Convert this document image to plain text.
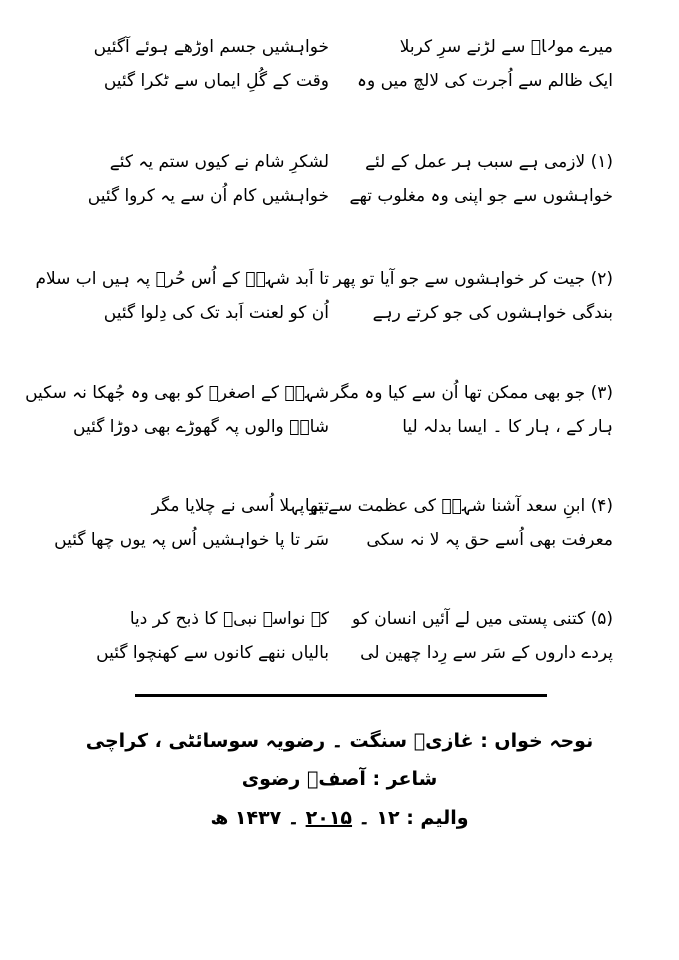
میرے مولاؑ سے لڑنے سرِ کربلا
خواہشیں جسم اوڑھے ہوئے آگئیں
ایک ظالم سے اُجرت کی لالچ میں وہ
وقت کے گُلِ ایماں سے ٹکرا گئیں
(۱) لازمی ہے سبب ہر عمل کے لئے
لشکرِ شام نے کیوں ستم یہ کئے
خواہشوں سے جو اپنی وہ مغلوب تھے
خواہشیں کام اُن سے یہ کروا گئیں
(۲) جیت کر خواہشوں سے جو آیا تو پھر
تا اَبد شہہؑ کے اُس حُرؑ پہ ہیں اب سلام
بندگی خواہشوں کی جو کرتے رہے
اُن کو لعنت اَبد تک کی دِلوا گئیں
(۳) جو بھی ممکن تھا اُن سے کیا وہ مگر
شہہؑ کے اصغرؑ کو بھی وہ جُھکا نہ سکیں
ہار کے ، ہار کا ۔ ایسا بدلہ لیا
شاہؑ والوں پہ گھوڑے بھی دوڑا گئیں
(۴) ابنِ سعد آشنا شہہؑ کی عظمت سے تھا
تیر پہلا اُسی نے چلایا مگر
معرفت بھی اُسے حق پہ لا نہ سکی
سَر تا پا خواہشیں اُس پہ یوں چھا گئیں
(۵) کتنی پستی میں لے آئیں انسان کو
کہ نواسہ نبیؐ کا ذبح کر دیا
پردے داروں کے سَر سے رِدا چھین لی
بالیاں ننھے کانوں سے کھنچوا گئیں
نوحہ خواں : غازیؑ سنگت ۔ رضویہ سوسائٹی ، کراچی
شاعر : آصفؔ رضوی
والیم : ۱۲ ۔ ۲۰۱۵ ۔ ۱۴۳۷ ھ
